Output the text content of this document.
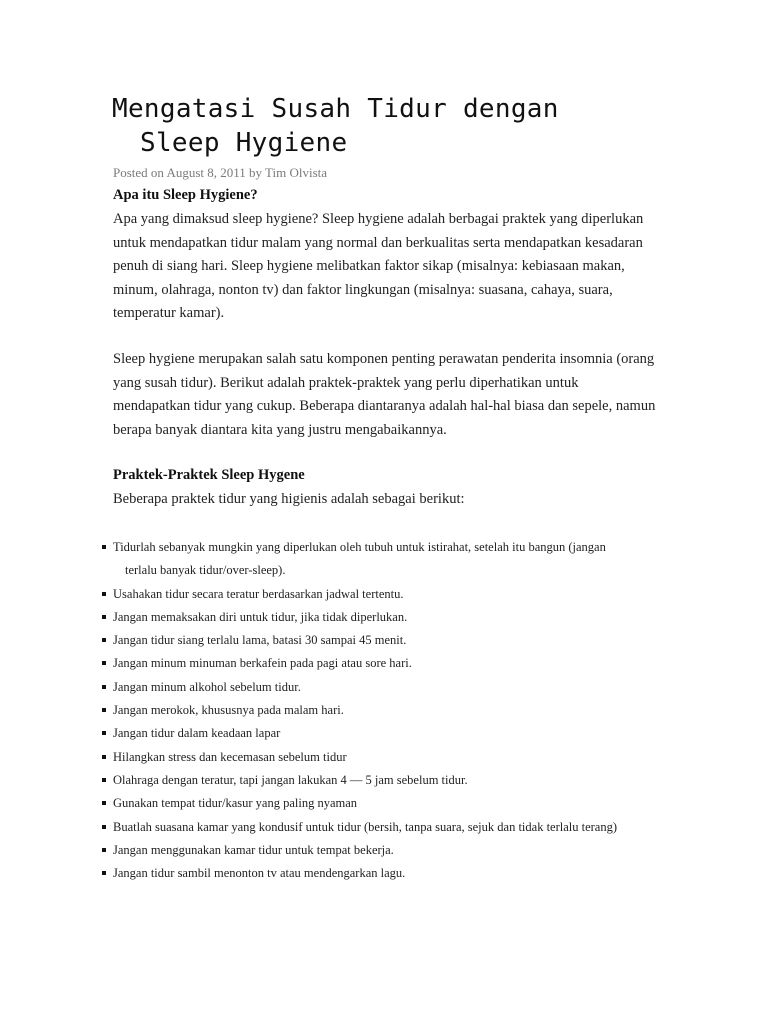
Mengatasi Susah Tidur dengan
Sleep Hygiene
Posted on August 8, 2011 by Tim Olvista
Apa itu Sleep Hygiene?

Apa yang dimaksud sleep hygiene? Sleep hygiene adalah berbagai praktek yang diperlukan untuk mendapatkan tidur malam yang normal dan berkualitas serta mendapatkan kesadaran penuh di siang hari. Sleep hygiene melibatkan faktor sikap (misalnya: kebiasaan makan, minum, olahraga, nonton tv) dan faktor lingkungan (misalnya: suasana, cahaya, suara, temperatur kamar).

Sleep hygiene merupakan salah satu komponen penting perawatan penderita insomnia (orang yang susah tidur). Berikut adalah praktek-praktek yang perlu diperhatikan untuk mendapatkan tidur yang cukup. Beberapa diantaranya adalah hal-hal biasa dan sepele, namun berapa banyak diantara kita yang justru mengabaikannya.

Praktek-Praktek Sleep Hygene

Beberapa praktek tidur yang higienis adalah sebagai berikut:

Tidurlah sebanyak mungkin yang diperlukan oleh tubuh untuk istirahat, setelah itu bangun (jangan
terlalu banyak tidur/over-sleep).
Usahakan tidur secara teratur berdasarkan jadwal tertentu.
Jangan memaksakan diri untuk tidur, jika tidak diperlukan.
Jangan tidur siang terlalu lama, batasi 30 sampai 45 menit.
Jangan minum minuman berkafein pada pagi atau sore hari.
Jangan minum alkohol sebelum tidur.
Jangan merokok, khususnya pada malam hari.
Jangan tidur dalam keadaan lapar
Hilangkan stress dan kecemasan sebelum tidur
Olahraga dengan teratur, tapi jangan lakukan 4 — 5 jam sebelum tidur.
Gunakan tempat tidur/kasur yang paling nyaman
Buatlah suasana kamar yang kondusif untuk tidur (bersih, tanpa suara, sejuk dan tidak terlalu terang)
Jangan menggunakan kamar tidur untuk tempat bekerja.
Jangan tidur sambil menonton tv atau mendengarkan lagu.
